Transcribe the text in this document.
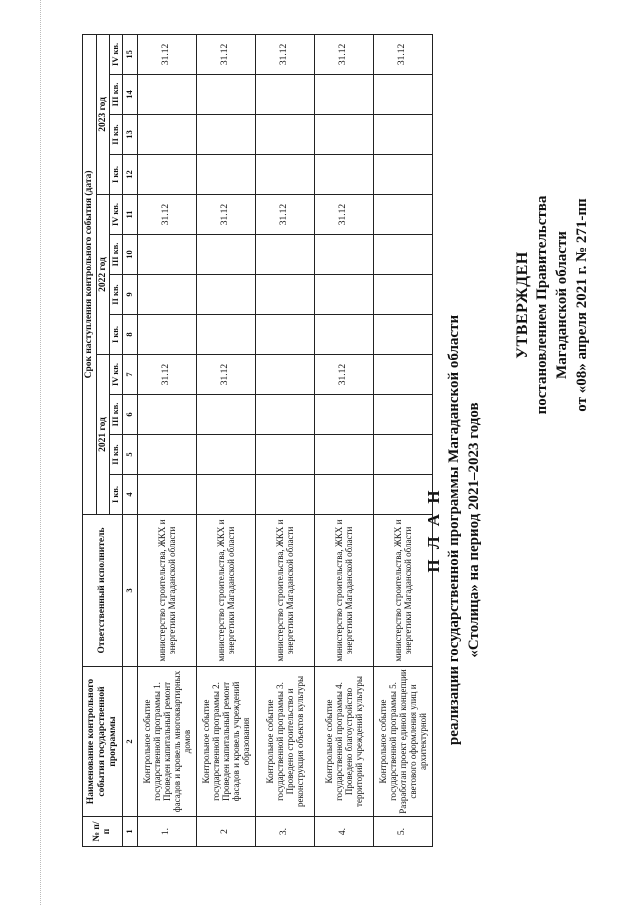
УТВЕРЖДЕН постановлением Правительства Магаданской области от «08» апреля 2021 г. № 271-пп
П Л А Н реализации государственной программы Магаданской области «Столица» на период 2021–2023 годов
№ п/п	Наименование контрольного события государственной программы	Ответственный исполнитель	Срок наступления контрольного события (дата)											
			2021 год				2022 год				2023 год			
			I кв.	II кв.	III кв.	IV кв.	I кв.	II кв.	III кв.	IV кв.	I кв.	II кв.	III кв.	IV кв.
1	2	3	4	5	6	7	8	9	10	11	12	13	14	15
1.	Контрольное событие государственной программы 1. Проведен капитальный ремонт фасадов и кровель многоквартирных домов	министерство строительства, ЖКХ и энергетики Магаданской области				31.12				31.12				31.12
2	Контрольное событие государственной программы 2. Проведен капитальный ремонт фасадов и кровель учреждений образования	министерство строительства, ЖКХ и энергетики Магаданской области				31.12				31.12				31.12
3.	Контрольное событие государственной программы 3. Проведено строительство и реконструкция объектов культуры	министерство строительства, ЖКХ и энергетики Магаданской области								31.12				31.12
4.	Контрольное событие государственной программы 4. Проведено благоустройство территорий учреждений культуры	министерство строительства, ЖКХ и энергетики Магаданской области				31.12				31.12				31.12
5.	Контрольное событие государственной программы 5. Разработан проект единой концепции светового оформления улиц и архитектурной	министерство строительства, ЖКХ и энергетики Магаданской области												31.12
